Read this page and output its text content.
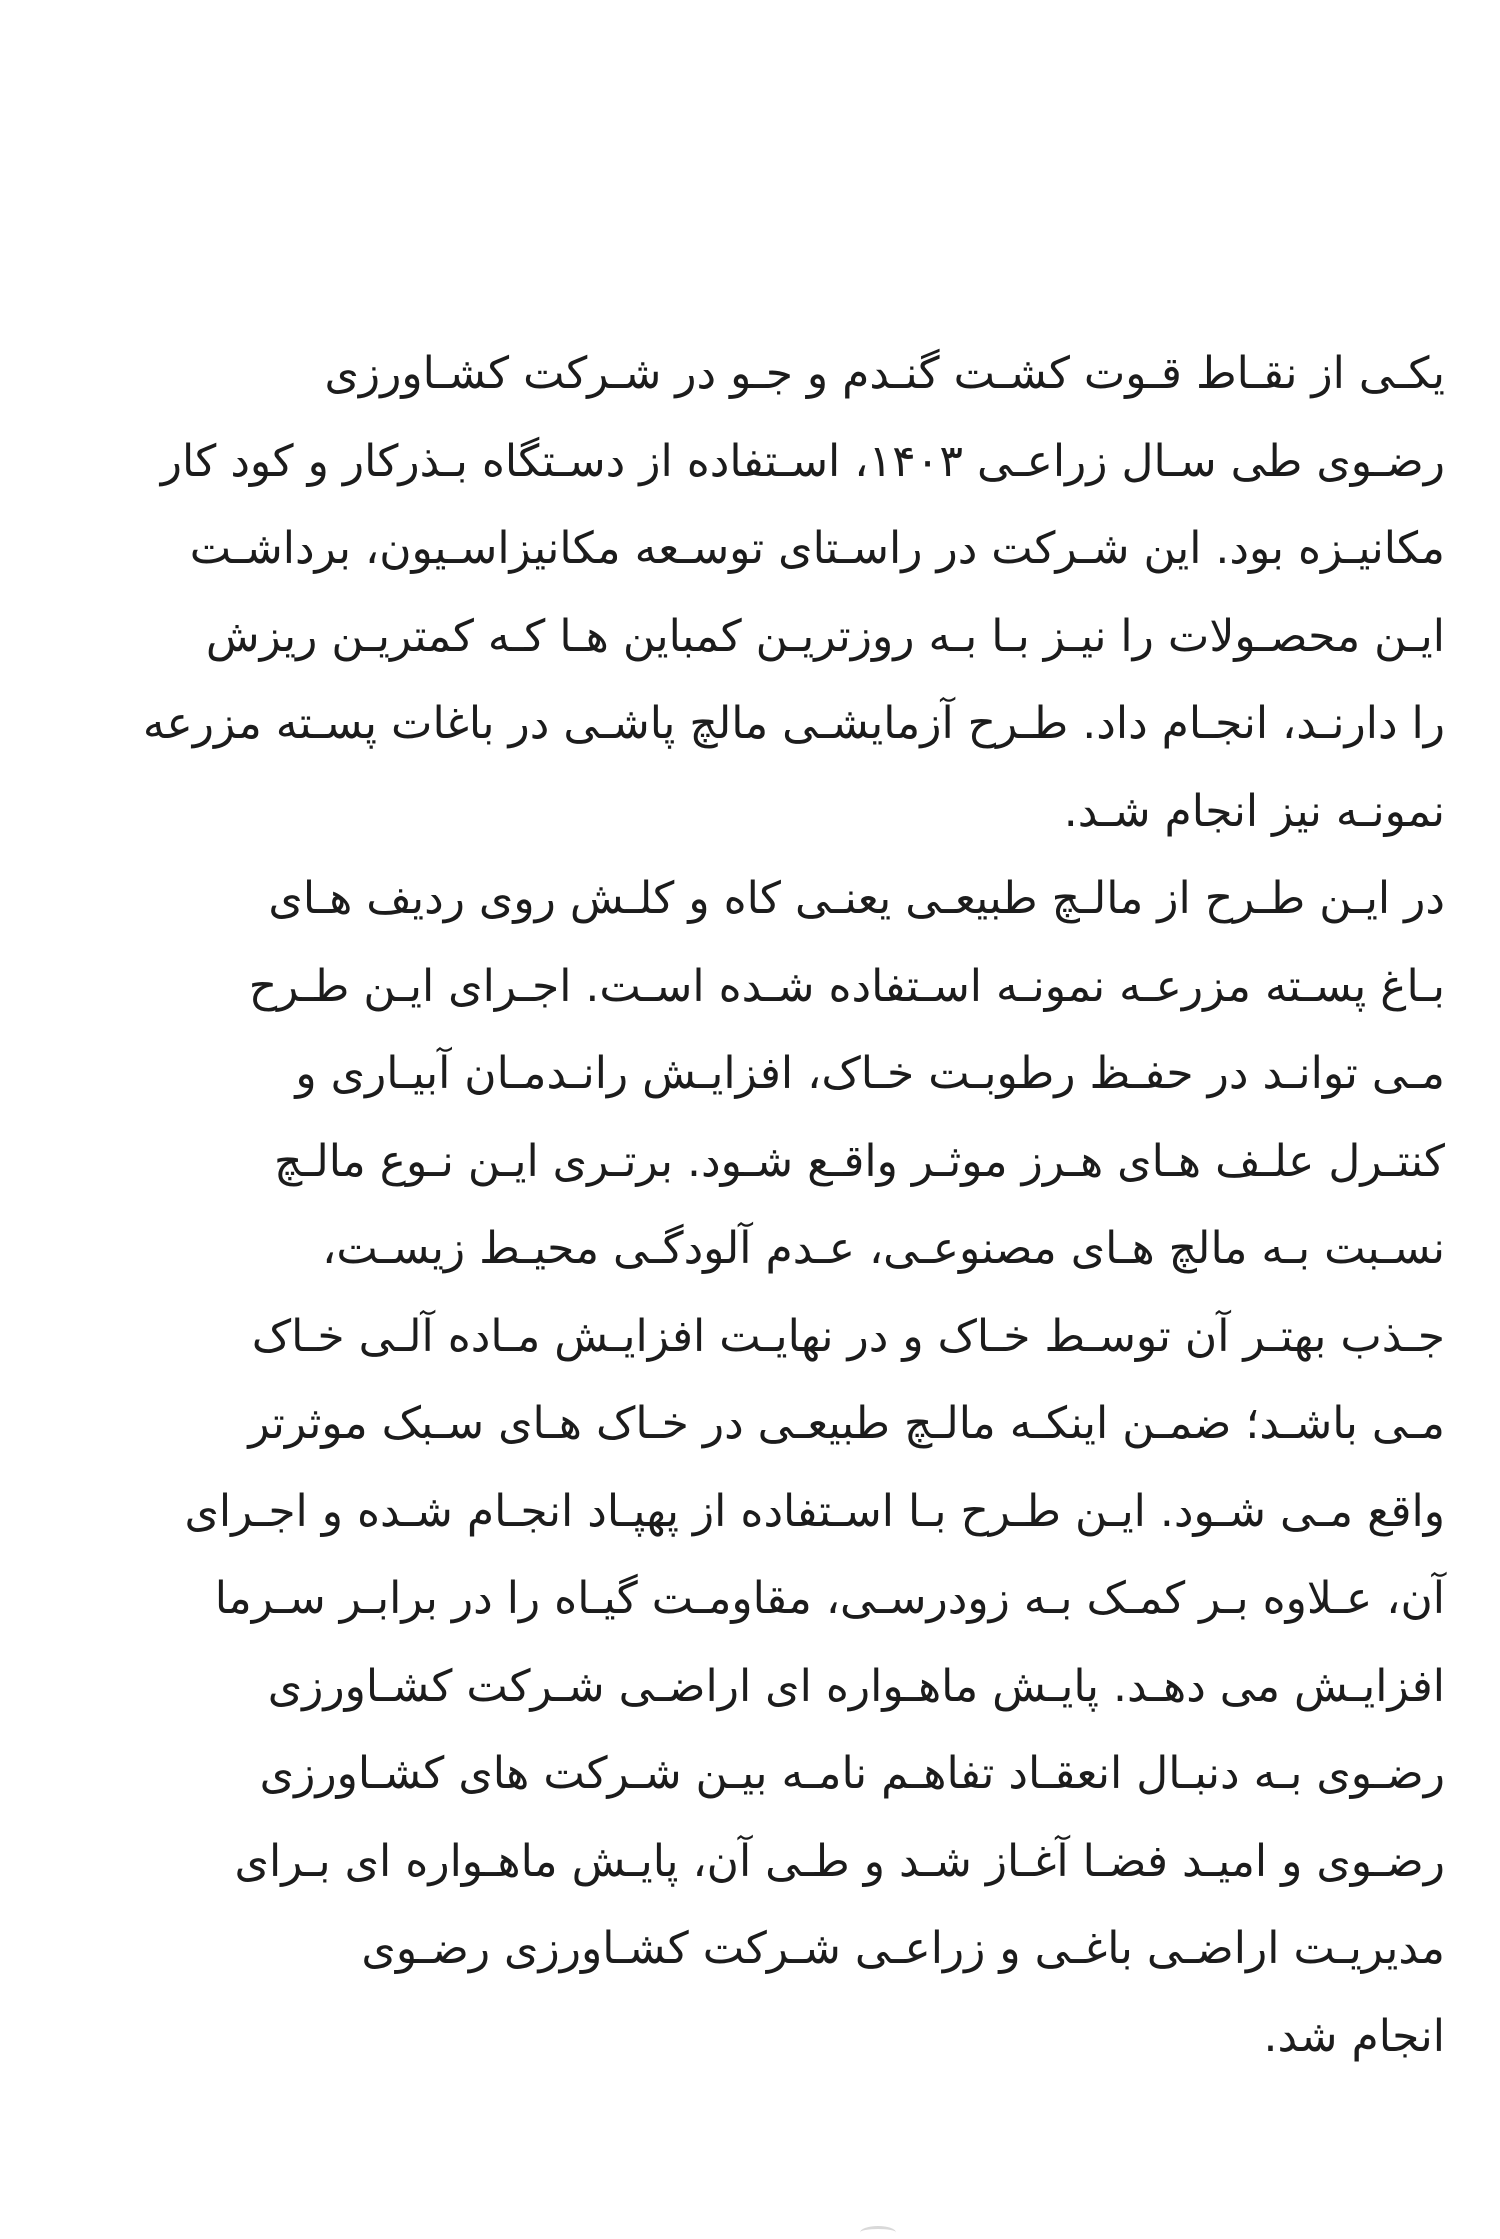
یکـی از نقـاط قـوت کشـت گنـدم و جـو در شـرکت کشـاورزی
رضـوی طی سـال زراعـی ۱۴۰۳، اسـتفاده از دسـتگاه بـذرکار و کود کار
مکانیـزه بود. این شـرکت در راسـتای توسـعه مکانیزاسـیون، برداشـت
ایـن محصـولات را نیـز بـا بـه روزتریـن کمباین هـا کـه کمتریـن ریزش
را دارنـد، انجـام داد. طـرح آزمایشـی مالچ پاشـی در باغات پسـته مزرعه
نمونـه نیز انجام شـد.
در ایـن طـرح از مالـچ طبیعـی یعنـی کاه و کلـش روی ردیف هـای
بـاغ پسـته مزرعـه نمونـه اسـتفاده شـده اسـت. اجـرای ایـن طـرح
مـی توانـد در حفـظ رطوبـت خـاک، افزایـش رانـدمـان آبیـاری و
کنتـرل علـف هـای هـرز موثـر واقـع شـود. برتـری ایـن نـوع مالـچ
نسـبت بـه مالچ هـای مصنوعـی، عـدم آلودگـی محیـط زیسـت،
جـذب بهتـر آن توسـط خـاک و در نهایـت افزایـش مـاده آلـی خـاک
مـی باشـد؛ ضمـن اینکـه مالـچ طبیعـی در خـاک هـای سـبک موثرتر
واقع مـی شـود. ایـن طـرح بـا اسـتفاده از پهپـاد انجـام شـده و اجـرای
آن، عـلاوه بـر کمـک بـه زودرسـی، مقاومـت گیـاه را در برابـر سـرما
افزایـش می دهـد. پایـش ماهـواره ای اراضـی شـرکت کشـاورزی
رضـوی بـه دنبـال انعقـاد تفاهـم نامـه بیـن شـرکت های کشـاورزی
رضـوی و امیـد فضـا آغـاز شـد و طـی آن، پایـش ماهـواره ای بـرای
مدیریـت اراضـی باغـی و زراعـی شـرکت کشـاورزی رضـوی
انجام شد.
